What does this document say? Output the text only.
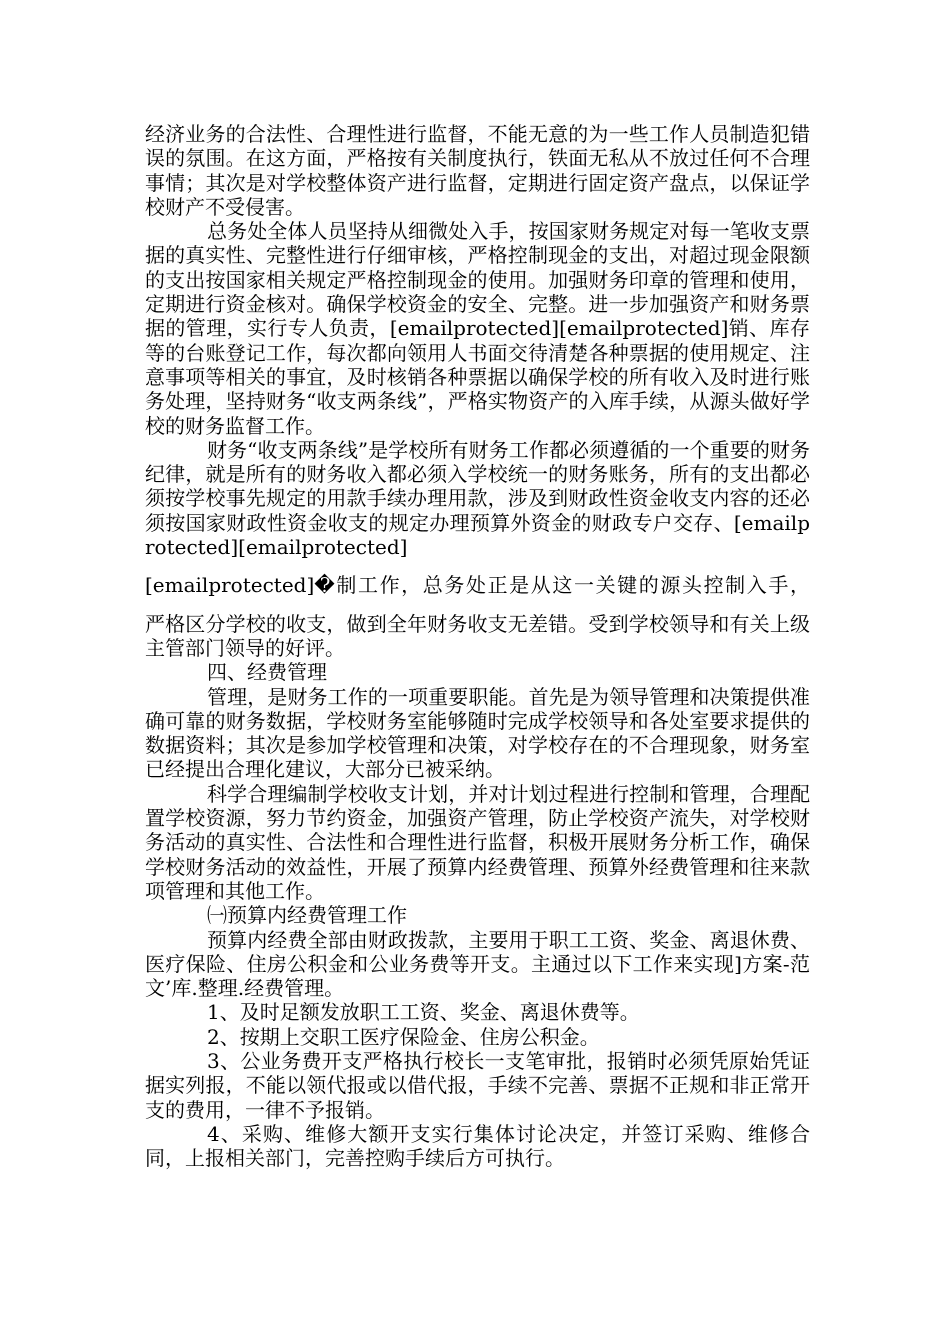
经济业务的合法性、合理性进行监督，不能无意的为一些工作人员制造犯错误的氛围。在这方面，严格按有关制度执行，铁面无私从不放过任何不合理事情；其次是对学校整体资产进行监督，定期进行固定资产盘点，以保证学校财产不受侵害。

总务处全体人员坚持从细微处入手，按国家财务规定对每一笔收支票据的真实性、完整性进行仔细审核，严格控制现金的支出，对超过现金限额的支出按国家相关规定严格控制现金的使用。加强财务印章的管理和使用，定期进行资金核对。确保学校资金的安全、完整。进一步加强资产和财务票据的管理，实行专人负责，[emailprotected][emailprotected]销、库存等的台账登记工作，每次都向领用人书面交待清楚各种票据的使用规定、注意事项等相关的事宜，及时核销各种票据以确保学校的所有收入及时进行账务处理，坚持财务“收支两条线”，严格实物资产的入库手续，从源头做好学校的财务监督工作。

财务“收支两条线”是学校所有财务工作都必须遵循的一个重要的财务纪律，就是所有的财务收入都必须入学校统一的财务账务，所有的支出都必须按学校事先规定的用款手续办理用款，涉及到财政性资金收支内容的还必须按国家财政性资金收支的规定办理预算外资金的财政专户交存、[emailprotected][emailprotected]

[emailprotected]�制工作，总务处正是从这一关键的源头控制入手，

严格区分学校的收支，做到全年财务收支无差错。受到学校领导和有关上级主管部门领导的好评。

四、经费管理

管理，是财务工作的一项重要职能。首先是为领导管理和决策提供准确可靠的财务数据，学校财务室能够随时完成学校领导和各处室要求提供的数据资料；其次是参加学校管理和决策，对学校存在的不合理现象，财务室已经提出合理化建议，大部分已被采纳。

科学合理编制学校收支计划，并对计划过程进行控制和管理，合理配置学校资源，努力节约资金，加强资产管理，防止学校资产流失，对学校财务活动的真实性、合法性和合理性进行监督，积极开展财务分析工作，确保学校财务活动的效益性，开展了预算内经费管理、预算外经费管理和往来款项管理和其他工作。

㈠预算内经费管理工作

预算内经费全部由财政拨款，主要用于职工工资、奖金、离退休费、医疗保险、住房公积金和公业务费等开支。主通过以下工作来实现]方案-范文’库.整理.经费管理。

1、及时足额发放职工工资、奖金、离退休费等。

2、按期上交职工医疗保险金、住房公积金。

3、公业务费开支严格执行校长一支笔审批，报销时必须凭原始凭证据实列报，不能以领代报或以借代报，手续不完善、票据不正规和非正常开支的费用，一律不予报销。

4、采购、维修大额开支实行集体讨论决定，并签订采购、维修合同，上报相关部门，完善控购手续后方可执行。
